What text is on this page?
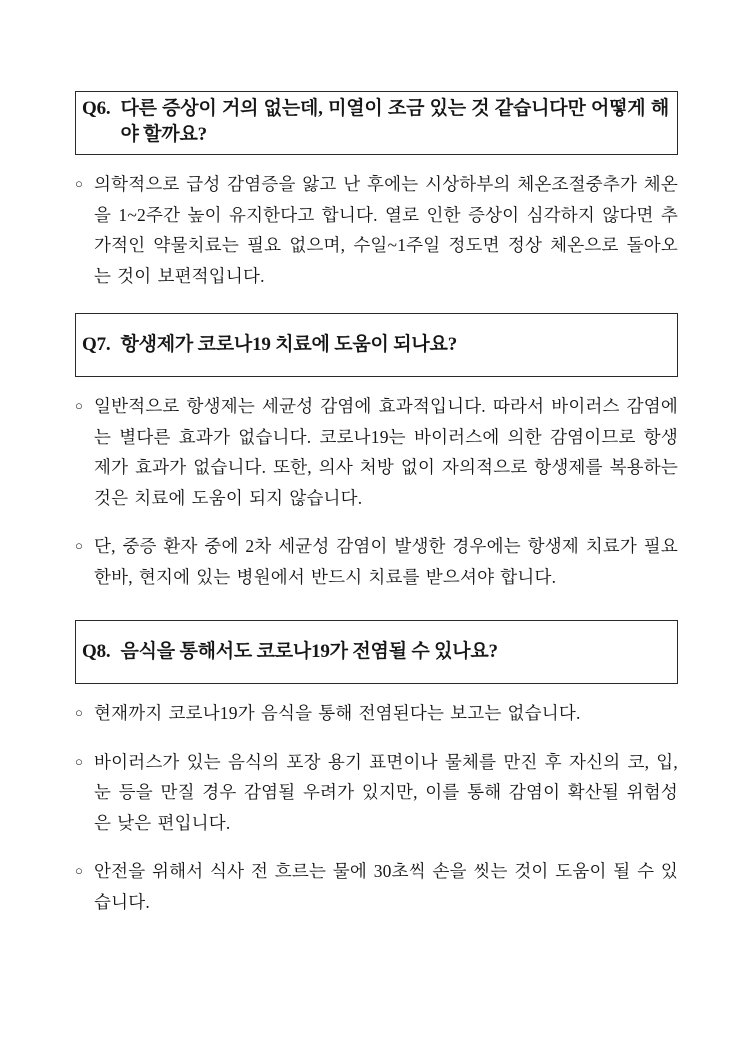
Q6. 다른 증상이 거의 없는데, 미열이 조금 있는 것 같습니다만 어떻게 해야 할까요?
○ 의학적으로 급성 감염증을 앓고 난 후에는 시상하부의 체온조절중추가 체온을 1~2주간 높이 유지한다고 합니다. 열로 인한 증상이 심각하지 않다면 추가적인 약물치료는 필요 없으며, 수일~1주일 정도면 정상 체온으로 돌아오는 것이 보편적입니다.

Q7. 항생제가 코로나19 치료에 도움이 되나요?
○ 일반적으로 항생제는 세균성 감염에 효과적입니다. 따라서 바이러스 감염에는 별다른 효과가 없습니다. 코로나19는 바이러스에 의한 감염이므로 항생제가 효과가 없습니다. 또한, 의사 처방 없이 자의적으로 항생제를 복용하는 것은 치료에 도움이 되지 않습니다.

○ 단, 중증 환자 중에 2차 세균성 감염이 발생한 경우에는 항생제 치료가 필요한바, 현지에 있는 병원에서 반드시 치료를 받으셔야 합니다.

Q8. 음식을 통해서도 코로나19가 전염될 수 있나요?
○ 현재까지 코로나19가 음식을 통해 전염된다는 보고는 없습니다.

○ 바이러스가 있는 음식의 포장 용기 표면이나 물체를 만진 후 자신의 코, 입, 눈 등을 만질 경우 감염될 우려가 있지만, 이를 통해 감염이 확산될 위험성은 낮은 편입니다.

○ 안전을 위해서 식사 전 흐르는 물에 30초씩 손을 씻는 것이 도움이 될 수 있습니다.
